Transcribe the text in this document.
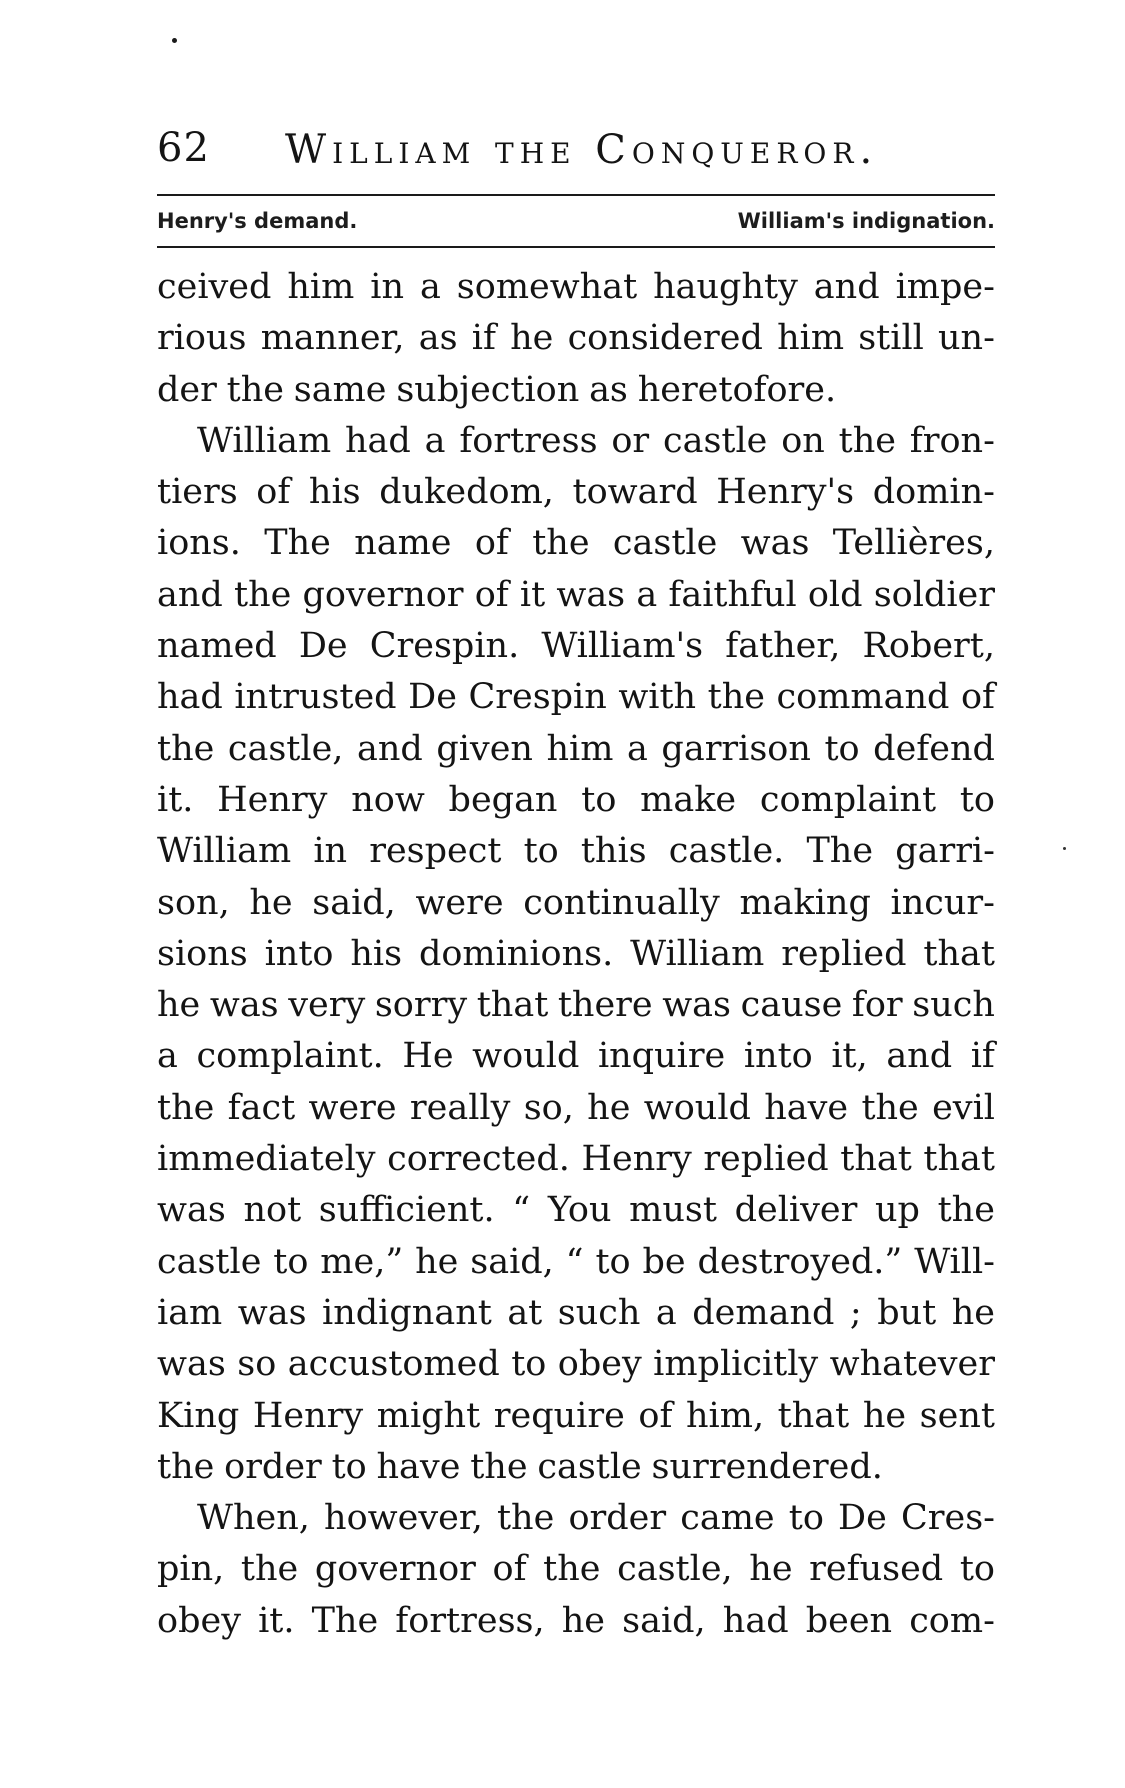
62 William the Conqueror.
Henry's demand.	William's indignation.
ceived him in a somewhat haughty and impe-
rious manner, as if he considered him still un-
der the same subjection as heretofore.
William had a fortress or castle on the fron-
tiers of his dukedom, toward Henry's domin-
ions. The name of the castle was Tellières,
and the governor of it was a faithful old soldier
named De Crespin. William's father, Robert,
had intrusted De Crespin with the command of
the castle, and given him a garrison to defend
it. Henry now began to make complaint to
William in respect to this castle. The garri-
son, he said, were continually making incur-
sions into his dominions. William replied that
he was very sorry that there was cause for such
a complaint. He would inquire into it, and if
the fact were really so, he would have the evil
immediately corrected. Henry replied that that
was not sufficient. “ You must deliver up the
castle to me,” he said, “ to be destroyed.” Will-
iam was indignant at such a demand ; but he
was so accustomed to obey implicitly whatever
King Henry might require of him, that he sent
the order to have the castle surrendered.
When, however, the order came to De Cres-
pin, the governor of the castle, he refused to
obey it. The fortress, he said, had been com-
